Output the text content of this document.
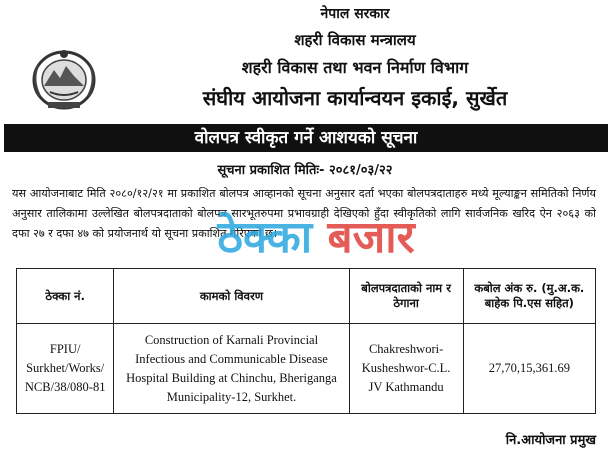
नेपाल सरकार
शहरी विकास मन्त्रालय
शहरी विकास तथा भवन निर्माण विभाग
संघीय आयोजना कार्यान्वयन इकाई, सुर्खेत
वोलपत्र स्वीकृत गर्ने आशयको सूचना
सूचना प्रकाशित मितिः- २०८१/०३/२२

यस आयोजनाबाट मिति २०८०/१२/२१ मा प्रकाशित बोलपत्र आव्हानको सूचना अनुसार दर्ता भएका बोलपत्रदाताहरु मध्ये मूल्याङ्कन समितिको निर्णय अनुसार तालिकामा उल्लेखित बोलपत्रदाताको बोलपत्र सारभूतरुपमा प्रभावग्राही देखिएको हुँदा स्वीकृतिको लागि सार्वजनिक खरिद ऐन २०६३ को दफा २७ र दफा ४७ को प्रयोजनार्थ यो सूचना प्रकाशित गरिएको छ।

ठेक्का बजार
ठेक्का नं.	कामको विवरण	बोलपत्रदाताको नाम र ठेगाना	कबोल अंक रु. (मु.अ.क. बाहेक पि.एस सहित)
FPIU/ Surkhet/Works/ NCB/38/080-81	Construction of Karnali Provincial Infectious and Communicable Disease Hospital Building at Chinchu, Bheriganga Municipality-12, Surkhet.	Chakreshwori-Kusheshwor-C.L. JV Kathmandu	27,70,15,361.69
नि.आयोजना प्रमुख
